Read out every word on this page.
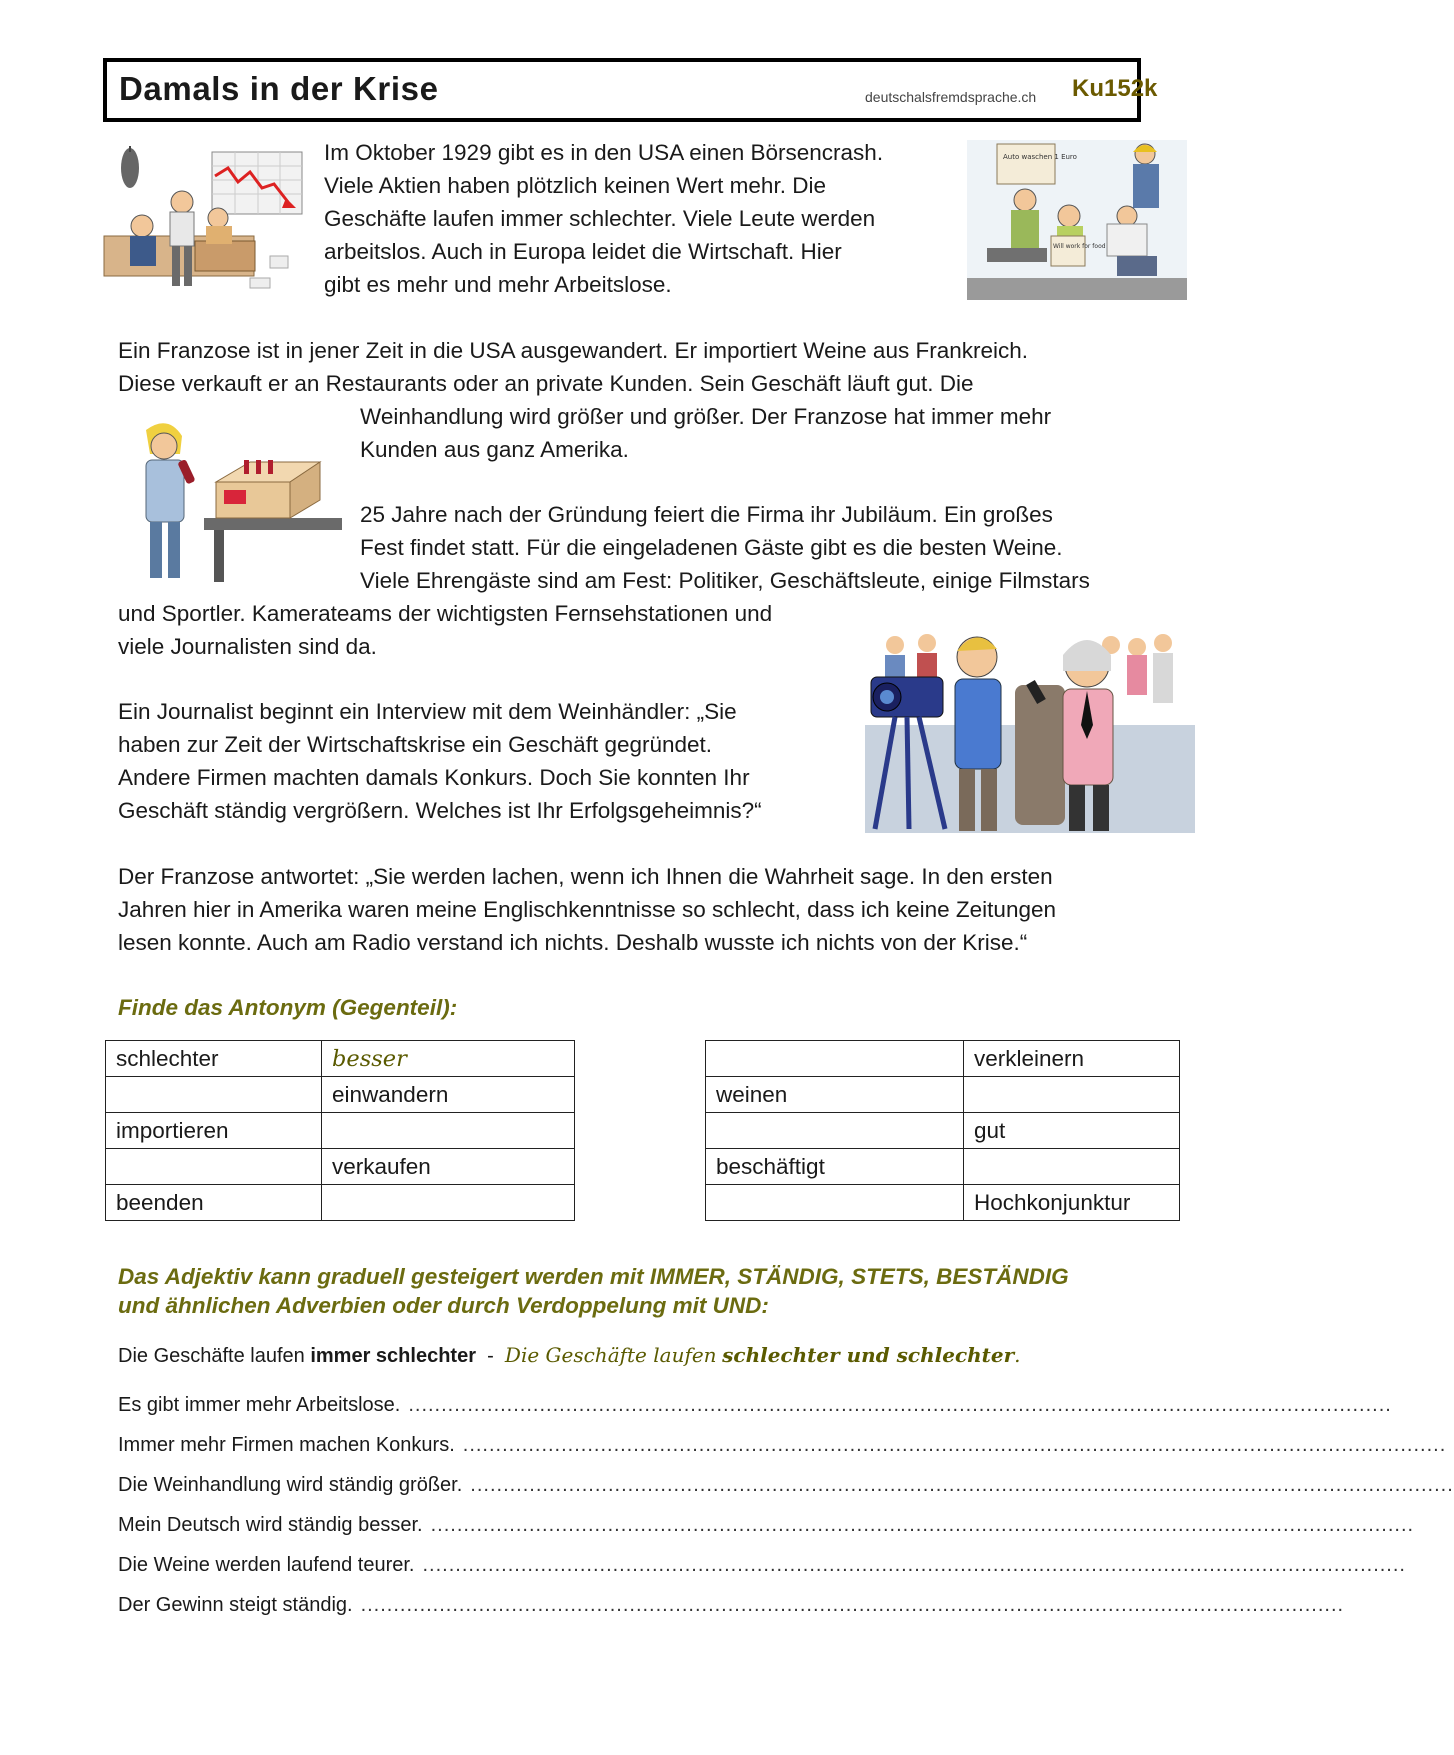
Damals in der Krise	deutschalsfremdsprache.ch Ku152k
Im Oktober 1929 gibt es in den USA einen Börsencrash.
Viele Aktien haben plötzlich keinen Wert mehr. Die
Geschäfte laufen immer schlechter. Viele Leute werden
arbeitslos. Auch in Europa leidet die Wirtschaft. Hier
gibt es mehr und mehr Arbeitslose.
Auto waschen 1 Euro
Will work for food
Ein Franzose ist in jener Zeit in die USA ausgewandert. Er importiert Weine aus Frankreich.
Diese verkauft er an Restaurants oder an private Kunden. Sein Geschäft läuft gut. Die
Weinhandlung wird größer und größer. Der Franzose hat immer mehr
Kunden aus ganz Amerika.
25 Jahre nach der Gründung feiert die Firma ihr Jubiläum. Ein großes
Fest findet statt. Für die eingeladenen Gäste gibt es die besten Weine.
Viele Ehrengäste sind am Fest: Politiker, Geschäftsleute, einige Filmstars
und Sportler. Kamerateams der wichtigsten Fernsehstationen und
viele Journalisten sind da.
Ein Journalist beginnt ein Interview mit dem Weinhändler: „Sie
haben zur Zeit der Wirtschaftskrise ein Geschäft gegründet.
Andere Firmen machten damals Konkurs. Doch Sie konnten Ihr
Geschäft ständig vergrößern. Welches ist Ihr Erfolgsgeheimnis?“
Der Franzose antwortet: „Sie werden lachen, wenn ich Ihnen die Wahrheit sage. In den ersten
Jahren hier in Amerika waren meine Englischkenntnisse so schlecht, dass ich keine Zeitungen
lesen konnte. Auch am Radio verstand ich nichts. Deshalb wusste ich nichts von der Krise.“
Finde das Antonym (Gegenteil):
schlechter	besser
	einwandern
importieren	
	verkaufen
beenden	
	verkleinern
weinen	
	gut
beschäftigt	
	Hochkonjunktur
Das Adjektiv kann graduell gesteigert werden mit IMMER, STÄNDIG, STETS, BESTÄNDIG
und ähnlichen Adverbien oder durch Verdoppelung mit UND:
Die Geschäfte laufen immer schlechter - Die Geschäfte laufen schlechter und schlechter.
Es gibt immer mehr Arbeitslose. ......................................................................................................................................................
Immer mehr Firmen machen Konkurs. ......................................................................................................................................................
Die Weinhandlung wird ständig größer. ......................................................................................................................................................
Mein Deutsch wird ständig besser. ......................................................................................................................................................
Die Weine werden laufend teurer. ......................................................................................................................................................
Der Gewinn steigt ständig. ......................................................................................................................................................
